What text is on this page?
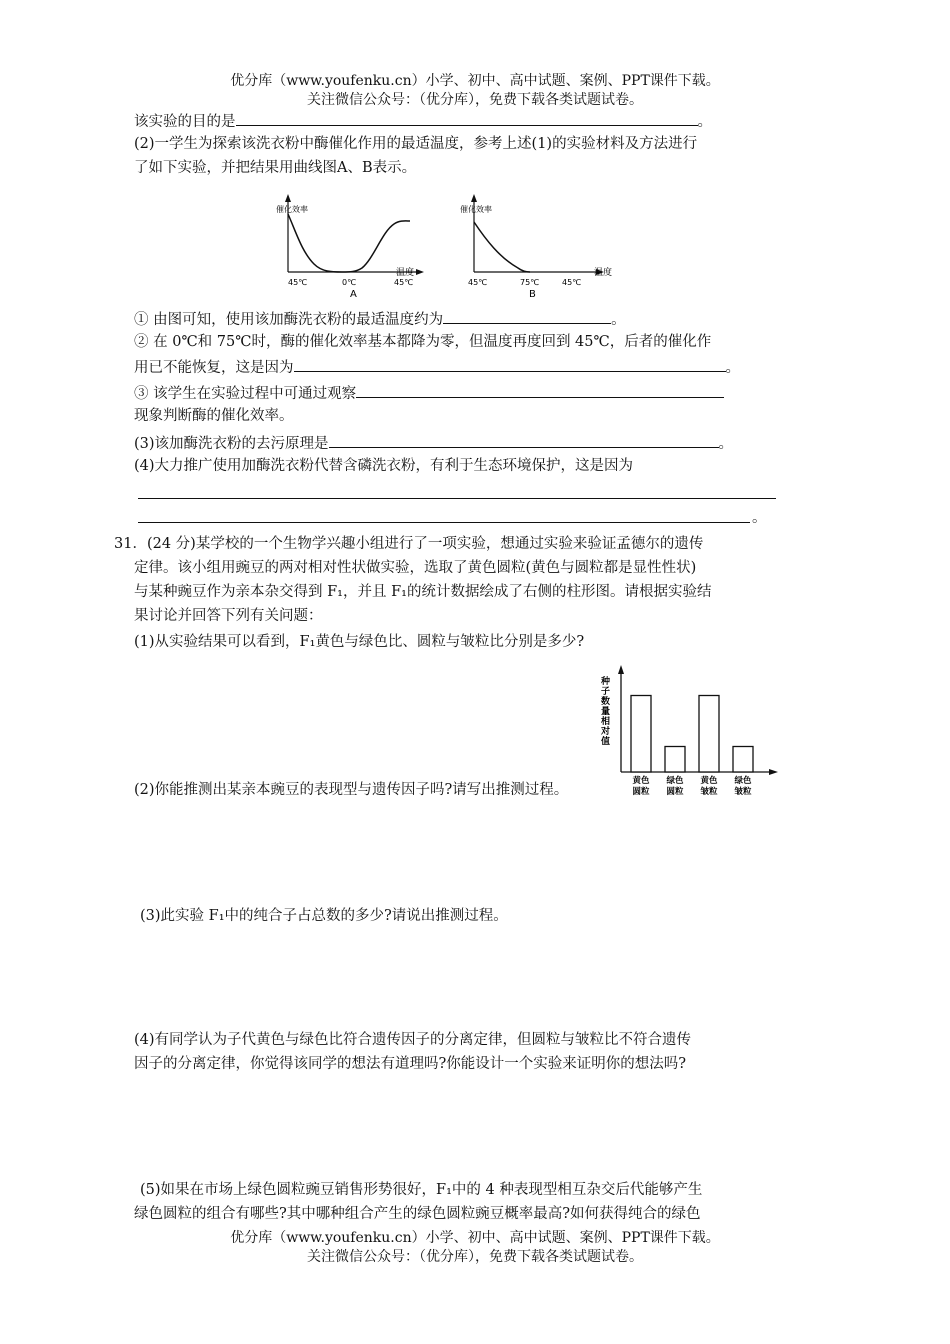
优分库（www.youfenku.cn）小学、初中、高中试题、案例、PPT课件下载。
关注微信公众号：（优分库），免费下载各类试题试卷。
该实验的目的是	。
(2)一学生为探索该洗衣粉中酶催化作用的最适温度，参考上述(1)的实验材料及方法进行
了如下实验，并把结果用曲线图A、B表示。
催化效率
温度
45℃	0℃	45℃
A
催化效率
温度
45℃	75℃	45℃
B
① 由图可知，使用该加酶洗衣粉的最适温度约为	。
② 在 0℃和 75℃时，酶的催化效率基本都降为零，但温度再度回到 45℃，后者的催化作
用已不能恢复，这是因为	。
③ 该学生在实验过程中可通过观察
现象判断酶的催化效率。
(3)该加酶洗衣粉的去污原理是	。
(4)大力推广使用加酶洗衣粉代替含磷洗衣粉，有利于生态环境保护，这是因为
。
31．(24 分)某学校的一个生物学兴趣小组进行了一项实验，想通过实验来验证孟德尔的遗传
定律。该小组用豌豆的两对相对性状做实验，选取了黄色圆粒(黄色与圆粒都是显性性状)
与某种豌豆作为亲本杂交得到 F₁，并且 F₁的统计数据绘成了右侧的柱形图。请根据实验结
果讨论并回答下列有关问题：
(1)从实验结果可以看到，F₁黄色与绿色比、圆粒与皱粒比分别是多少?
种子数量相对值
黄色
圆粒
绿色
圆粒
黄色
皱粒
绿色
皱粒
(2)你能推测出某亲本豌豆的表现型与遗传因子吗?请写出推测过程。
(3)此实验 F₁中的纯合子占总数的多少?请说出推测过程。
(4)有同学认为子代黄色与绿色比符合遗传因子的分离定律，但圆粒与皱粒比不符合遗传
因子的分离定律，你觉得该同学的想法有道理吗?你能设计一个实验来证明你的想法吗?
(5)如果在市场上绿色圆粒豌豆销售形势很好，F₁中的 4 种表现型相互杂交后代能够产生
绿色圆粒的组合有哪些?其中哪种组合产生的绿色圆粒豌豆概率最高?如何获得纯合的绿色
优分库（www.youfenku.cn）小学、初中、高中试题、案例、PPT课件下载。
关注微信公众号：（优分库），免费下载各类试题试卷。
